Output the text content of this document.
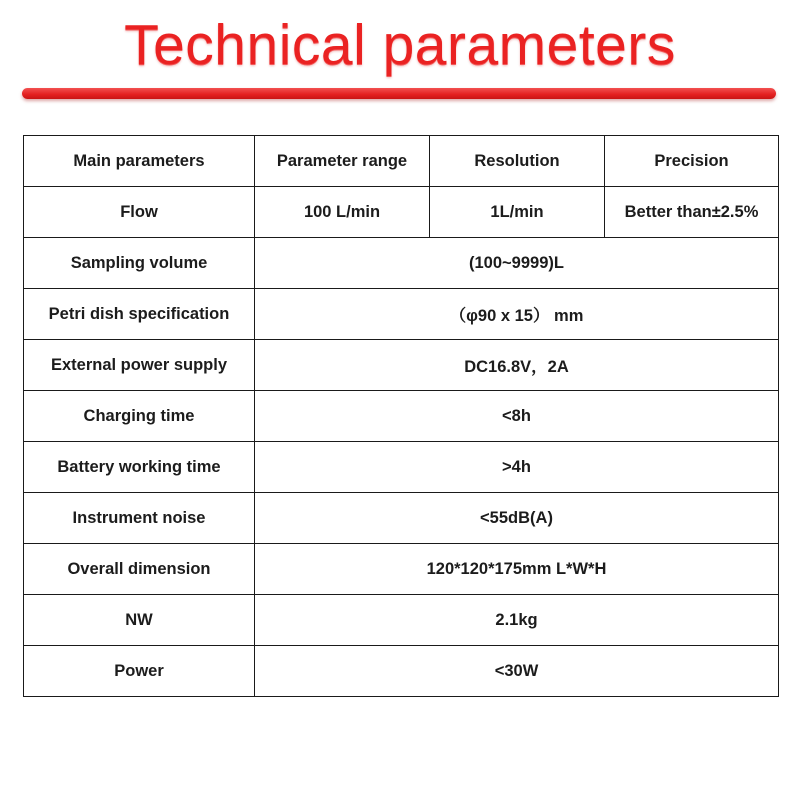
Technical parameters
Main parameters	Parameter range	Resolution	Precision
Flow	100 L/min	1L/min	Better than±2.5%
Sampling volume	(100~9999)L		
Petri dish specification	（φ90 x 15） mm		
External power supply	DC16.8V，2A		
Charging time	<8h		
Battery working time	>4h		
Instrument noise	<55dB(A)		
Overall dimension	120*120*175mm L*W*H		
NW	2.1kg		
Power	<30W		
